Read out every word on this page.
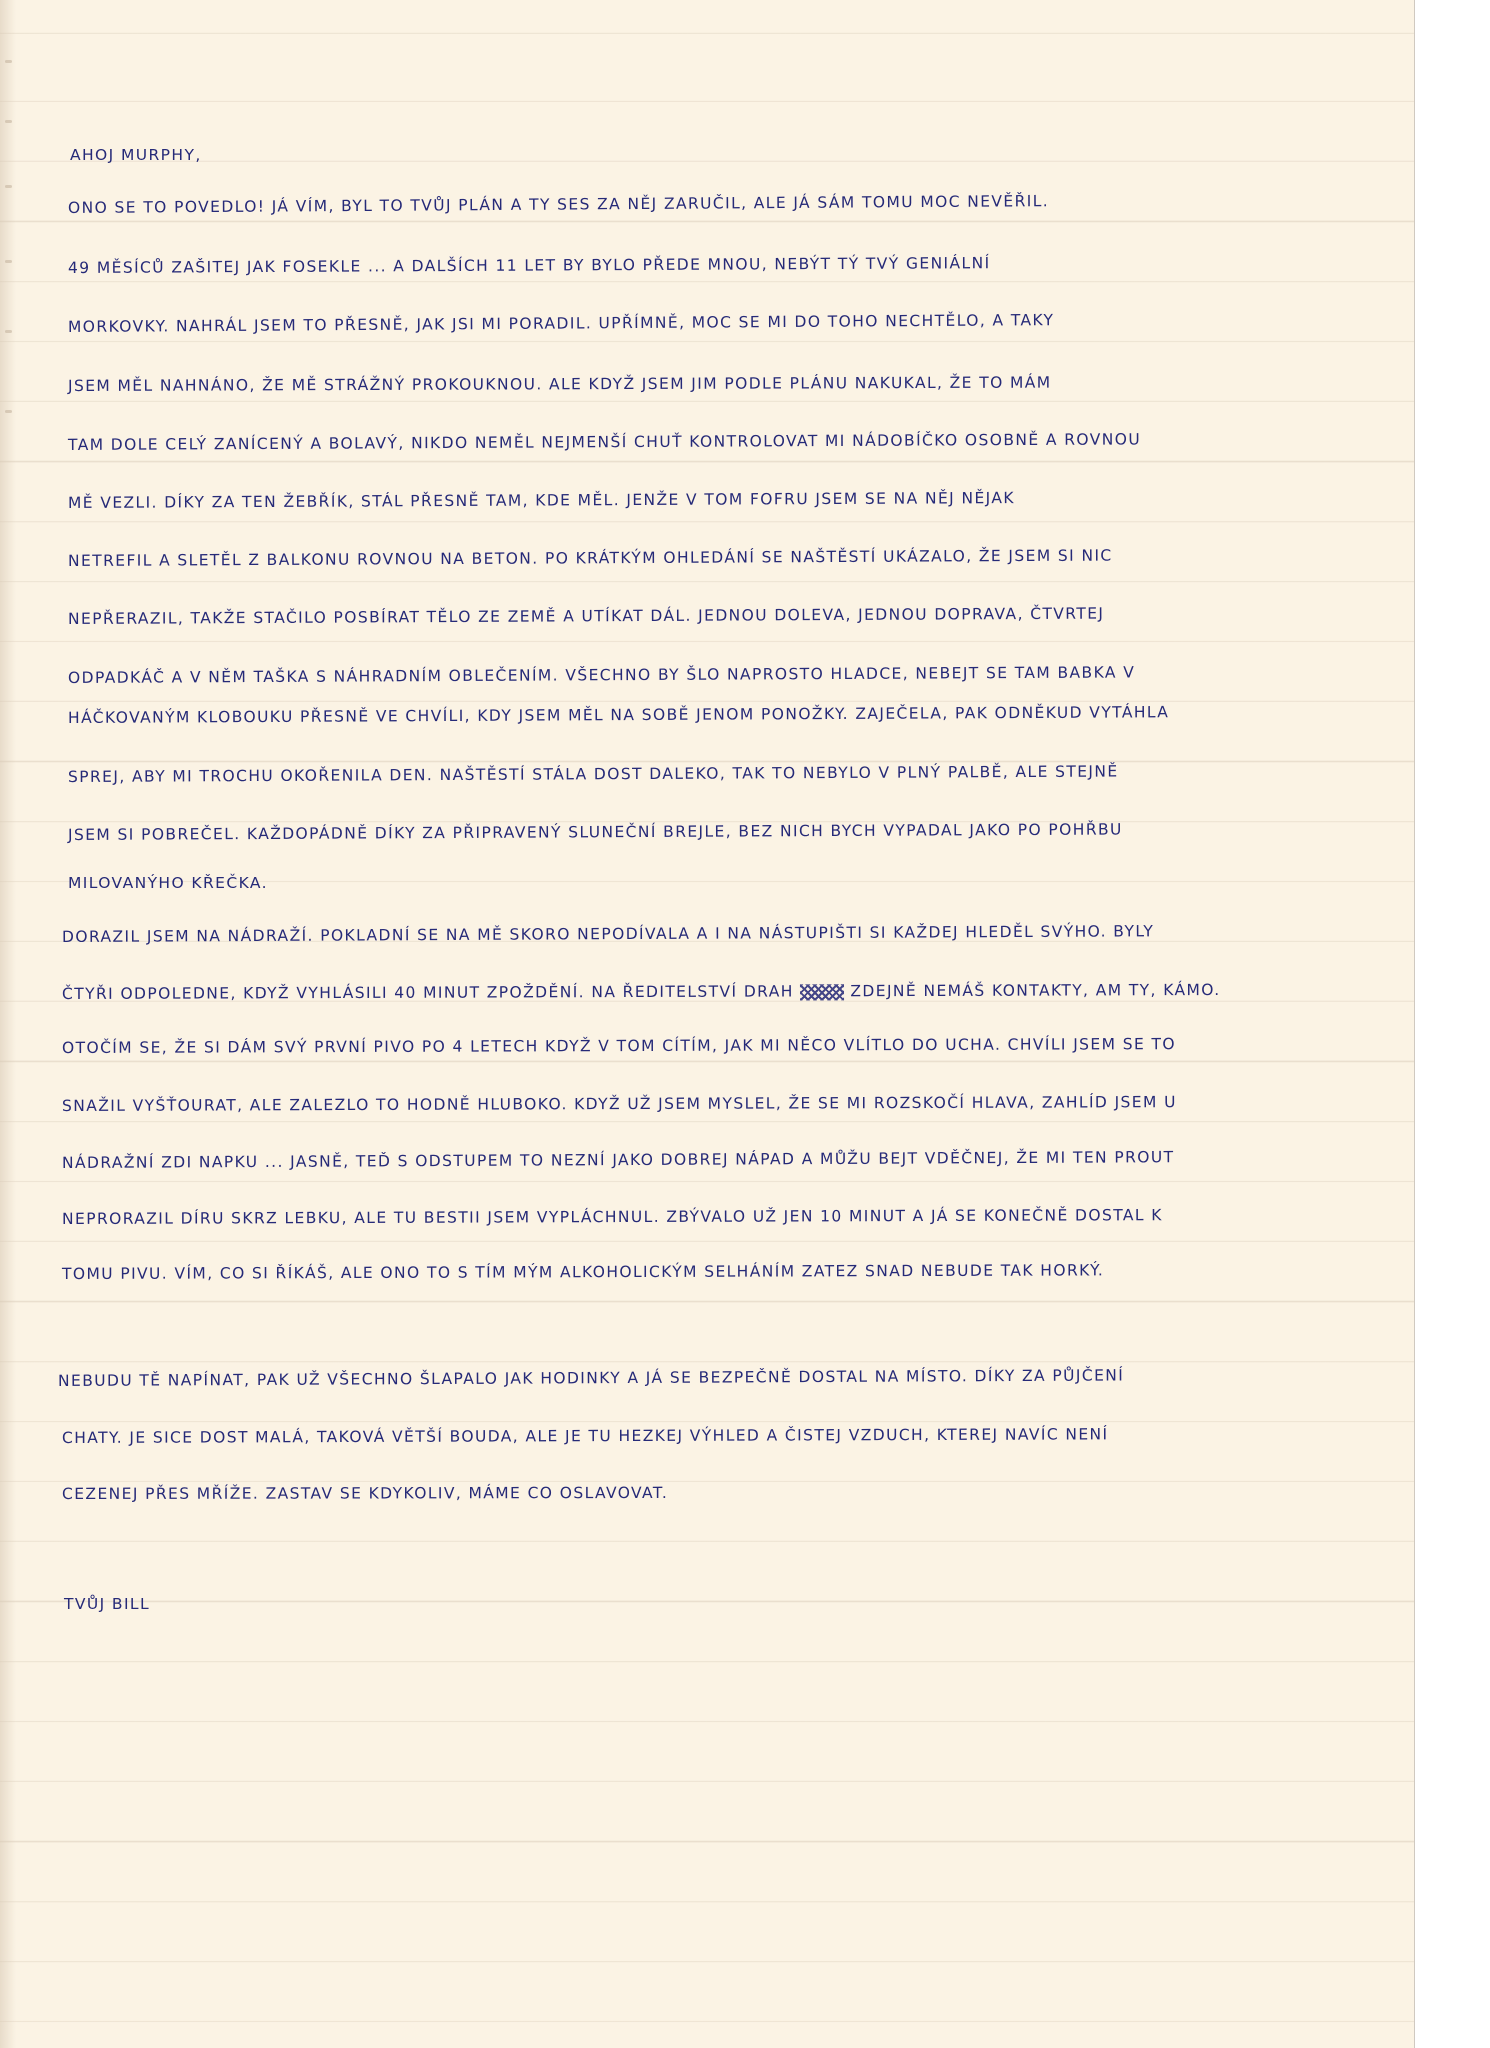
AHOJ MURPHY,
ONO SE TO POVEDLO! JÁ VÍM, BYL TO TVŮJ PLÁN A TY SES ZA NĚJ ZARUČIL, ALE JÁ SÁM TOMU MOC NEVĚŘIL.
49 MĚSÍCŮ ZAŠITEJ JAK FOSEKLE ... A DALŠÍCH 11 LET BY BYLO PŘEDE MNOU, NEBÝT TÝ TVÝ GENIÁLNÍ
MORKOVKY. NAHRÁL JSEM TO PŘESNĚ, JAK JSI MI PORADIL. UPŘÍMNĚ, MOC SE MI DO TOHO NECHTĚLO, A TAKY
JSEM MĚL NAHNÁNO, ŽE MĚ STRÁŽNÝ PROKOUKNOU. ALE KDYŽ JSEM JIM PODLE PLÁNU NAKUKAL, ŽE TO MÁM
TAM DOLE CELÝ ZANÍCENÝ A BOLAVÝ, NIKDO NEMĚL NEJMENŠÍ CHUŤ KONTROLOVAT MI NÁDOBÍČKO OSOBNĚ A ROVNOU
MĚ VEZLI. DÍKY ZA TEN ŽEBŘÍK, STÁL PŘESNĚ TAM, KDE MĚL. JENŽE V TOM FOFRU JSEM SE NA NĚJ NĚJAK
NETREFIL A SLETĚL Z BALKONU ROVNOU NA BETON. PO KRÁTKÝM OHLEDÁNÍ SE NAŠTĚSTÍ UKÁZALO, ŽE JSEM SI NIC
NEPŘERAZIL, TAKŽE STAČILO POSBÍRAT TĚLO ZE ZEMĚ A UTÍKAT DÁL. JEDNOU DOLEVA, JEDNOU DOPRAVA, ČTVRTEJ
ODPADKÁČ A V NĚM TAŠKA S NÁHRADNÍM OBLEČENÍM. VŠECHNO BY ŠLO NAPROSTO HLADCE, NEBEJT SE TAM BABKA V
HÁČKOVANÝM KLOBOUKU PŘESNĚ VE CHVÍLI, KDY JSEM MĚL NA SOBĚ JENOM PONOŽKY. ZAJEČELA, PAK ODNĚKUD VYTÁHLA
SPREJ, ABY MI TROCHU OKOŘENILA DEN. NAŠTĚSTÍ STÁLA DOST DALEKO, TAK TO NEBYLO V PLNÝ PALBĚ, ALE STEJNĚ
JSEM SI POBREČEL. KAŽDOPÁDNĚ DÍKY ZA PŘIPRAVENÝ SLUNEČNÍ BREJLE, BEZ NICH BYCH VYPADAL JAKO PO POHŘBU
MILOVANÝHO KŘEČKA.
DORAZIL JSEM NA NÁDRAŽÍ. POKLADNÍ SE NA MĚ SKORO NEPODÍVALA A I NA NÁSTUPIŠTI SI KAŽDEJ HLEDĚL SVÝHO. BYLY
ČTYŘI ODPOLEDNE, KDYŽ VYHLÁSILI 40 MINUT ZPOŽDĚNÍ. NA ŘEDITELSTVÍ DRAH	ZDEJNĚ NEMÁŠ KONTAKTY, AM TY, KÁMO.
OTOČÍM SE, ŽE SI DÁM SVÝ PRVNÍ PIVO PO 4 LETECH KDYŽ V TOM CÍTÍM, JAK MI NĚCO VLÍTLO DO UCHA. CHVÍLI JSEM SE TO
SNAŽIL VYŠŤOURAT, ALE ZALEZLO TO HODNĚ HLUBOKO. KDYŽ UŽ JSEM MYSLEL, ŽE SE MI ROZSKOČÍ HLAVA, ZAHLÍD JSEM U
NÁDRAŽNÍ ZDI NAPKU ... JASNĚ, TEĎ S ODSTUPEM TO NEZNÍ JAKO DOBREJ NÁPAD A MŮŽU BEJT VDĚČNEJ, ŽE MI TEN PROUT
NEPRORAZIL DÍRU SKRZ LEBKU, ALE TU BESTII JSEM VYPLÁCHNUL. ZBÝVALO UŽ JEN 10 MINUT A JÁ SE KONEČNĚ DOSTAL K
TOMU PIVU. VÍM, CO SI ŘÍKÁŠ, ALE ONO TO S TÍM MÝM ALKOHOLICKÝM SELHÁNÍM ZATEZ SNAD NEBUDE TAK HORKÝ.
NEBUDU TĚ NAPÍNAT, PAK UŽ VŠECHNO ŠLAPALO JAK HODINKY A JÁ SE BEZPEČNĚ DOSTAL NA MÍSTO. DÍKY ZA PŮJČENÍ
CHATY. JE SICE DOST MALÁ, TAKOVÁ VĚTŠÍ BOUDA, ALE JE TU HEZKEJ VÝHLED A ČISTEJ VZDUCH, KTEREJ NAVÍC NENÍ
CEZENEJ PŘES MŘÍŽE. ZASTAV SE KDYKOLIV, MÁME CO OSLAVOVAT.
TVŮJ BILL
